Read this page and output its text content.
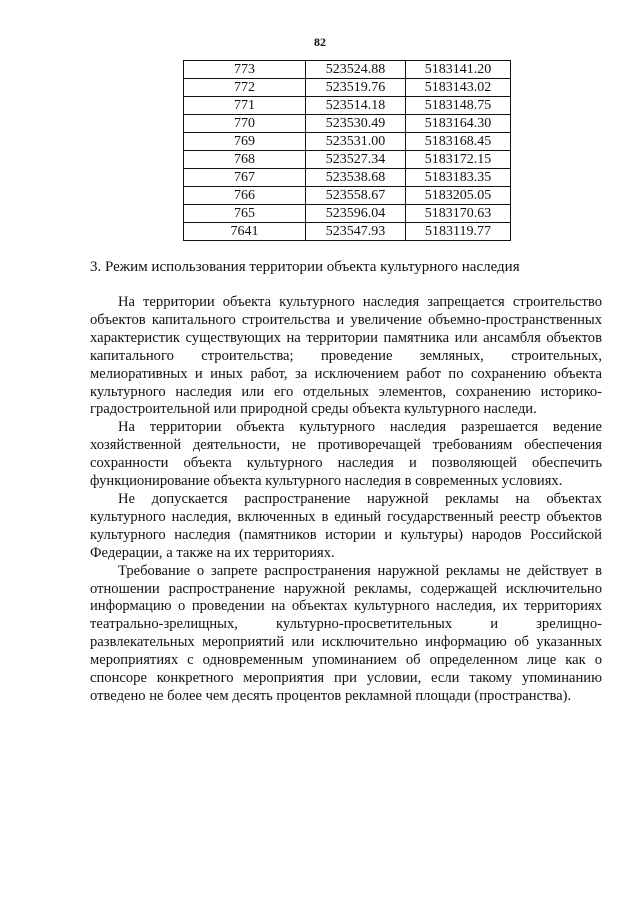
82
773	523524.88	5183141.20
772	523519.76	5183143.02
771	523514.18	5183148.75
770	523530.49	5183164.30
769	523531.00	5183168.45
768	523527.34	5183172.15
767	523538.68	5183183.35
766	523558.67	5183205.05
765	523596.04	5183170.63
7641	523547.93	5183119.77
3. Режим использования территории объекта культурного наследия

На территории объекта культурного наследия запрещается строительство объектов капитального строительства и увеличение объемно-пространственных характеристик существующих на территории памятника или ансамбля объектов капитального строительства; проведение земляных, строительных, мелиоративных и иных работ, за исключением работ по сохранению объекта культурного наследия или его отдельных элементов, сохранению историко-градостроительной или природной среды объекта культурного наследи.

На территории объекта культурного наследия разрешается ведение хозяйственной деятельности, не противоречащей требованиям обеспечения сохранности объекта культурного наследия и позволяющей обеспечить функционирование объекта культурного наследия в современных условиях.

Не допускается распространение наружной рекламы на объектах культурного наследия, включенных в единый государственный реестр объектов культурного наследия (памятников истории и культуры) народов Российской Федерации, а также на их территориях.

Требование о запрете распространения наружной рекламы не действует в отношении распространение наружной рекламы, содержащей исключительно информацию о проведении на объектах культурного наследия, их территориях театрально-зрелищных, культурно-просветительных и зрелищно-развлекательных мероприятий или исключительно информацию об указанных мероприятиях с одновременным упоминанием об определенном лице как о спонсоре конкретного мероприятия при условии, если такому упоминанию отведено не более чем десять процентов рекламной площади (пространства).
